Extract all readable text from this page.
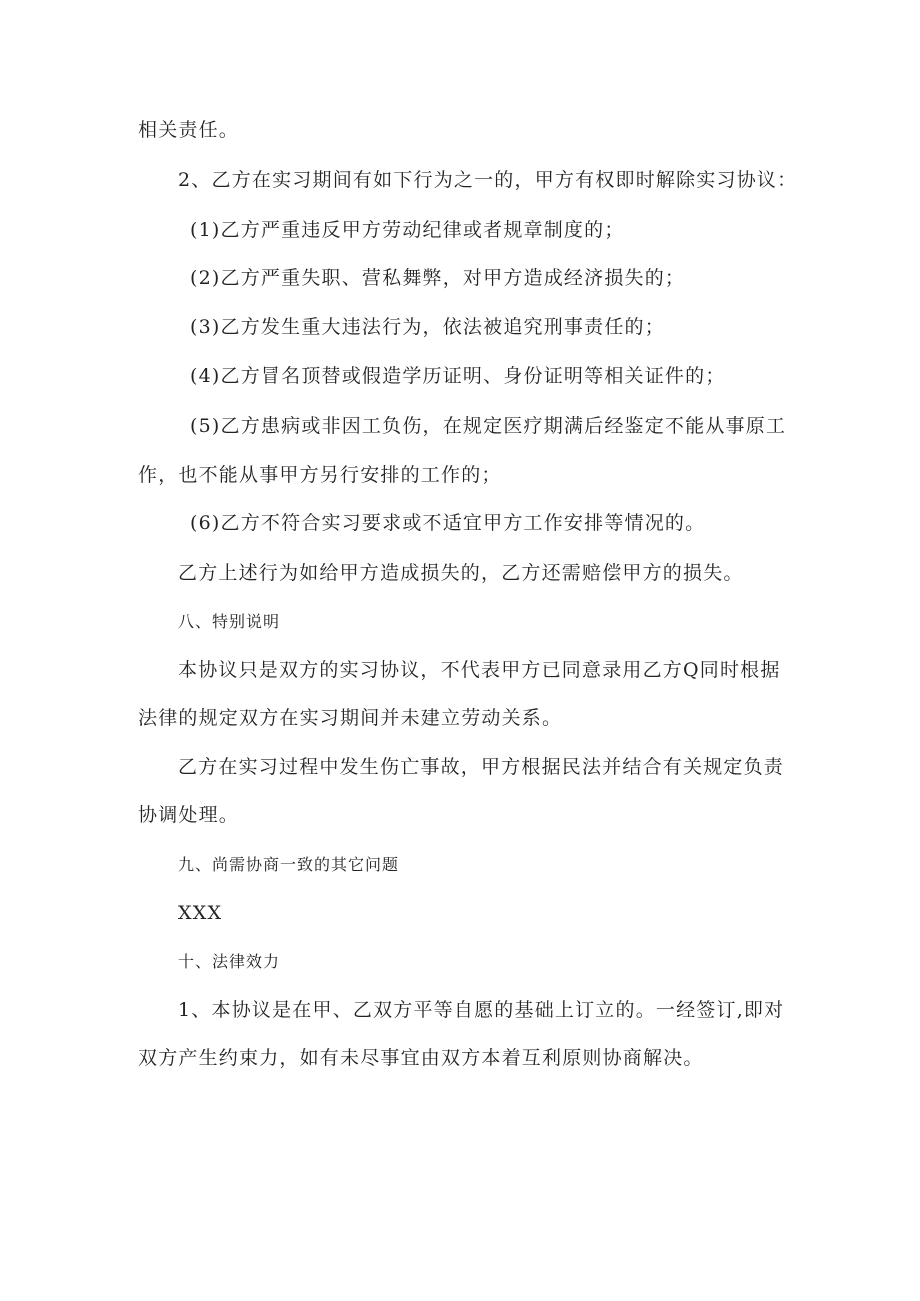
相关责任。
2、乙方在实习期间有如下行为之一的，甲方有权即时解除实习协议：
(1)乙方严重违反甲方劳动纪律或者规章制度的；
(2)乙方严重失职、营私舞弊，对甲方造成经济损失的；
(3)乙方发生重大违法行为，依法被追究刑事责任的；
(4)乙方冒名顶替或假造学历证明、身份证明等相关证件的；
(5)乙方患病或非因工负伤，在规定医疗期满后经鉴定不能从事原工
作，也不能从事甲方另行安排的工作的；
(6)乙方不符合实习要求或不适宜甲方工作安排等情况的。
乙方上述行为如给甲方造成损失的，乙方还需赔偿甲方的损失。
八、特别说明
本协议只是双方的实习协议，不代表甲方已同意录用乙方Q同时根据
法律的规定双方在实习期间并未建立劳动关系。
乙方在实习过程中发生伤亡事故，甲方根据民法并结合有关规定负责
协调处理。
九、尚需协商一致的其它问题
XXX
十、法律效力
1、本协议是在甲、乙双方平等自愿的基础上订立的。一经签订,即对
双方产生约束力，如有未尽事宜由双方本着互利原则协商解决。
